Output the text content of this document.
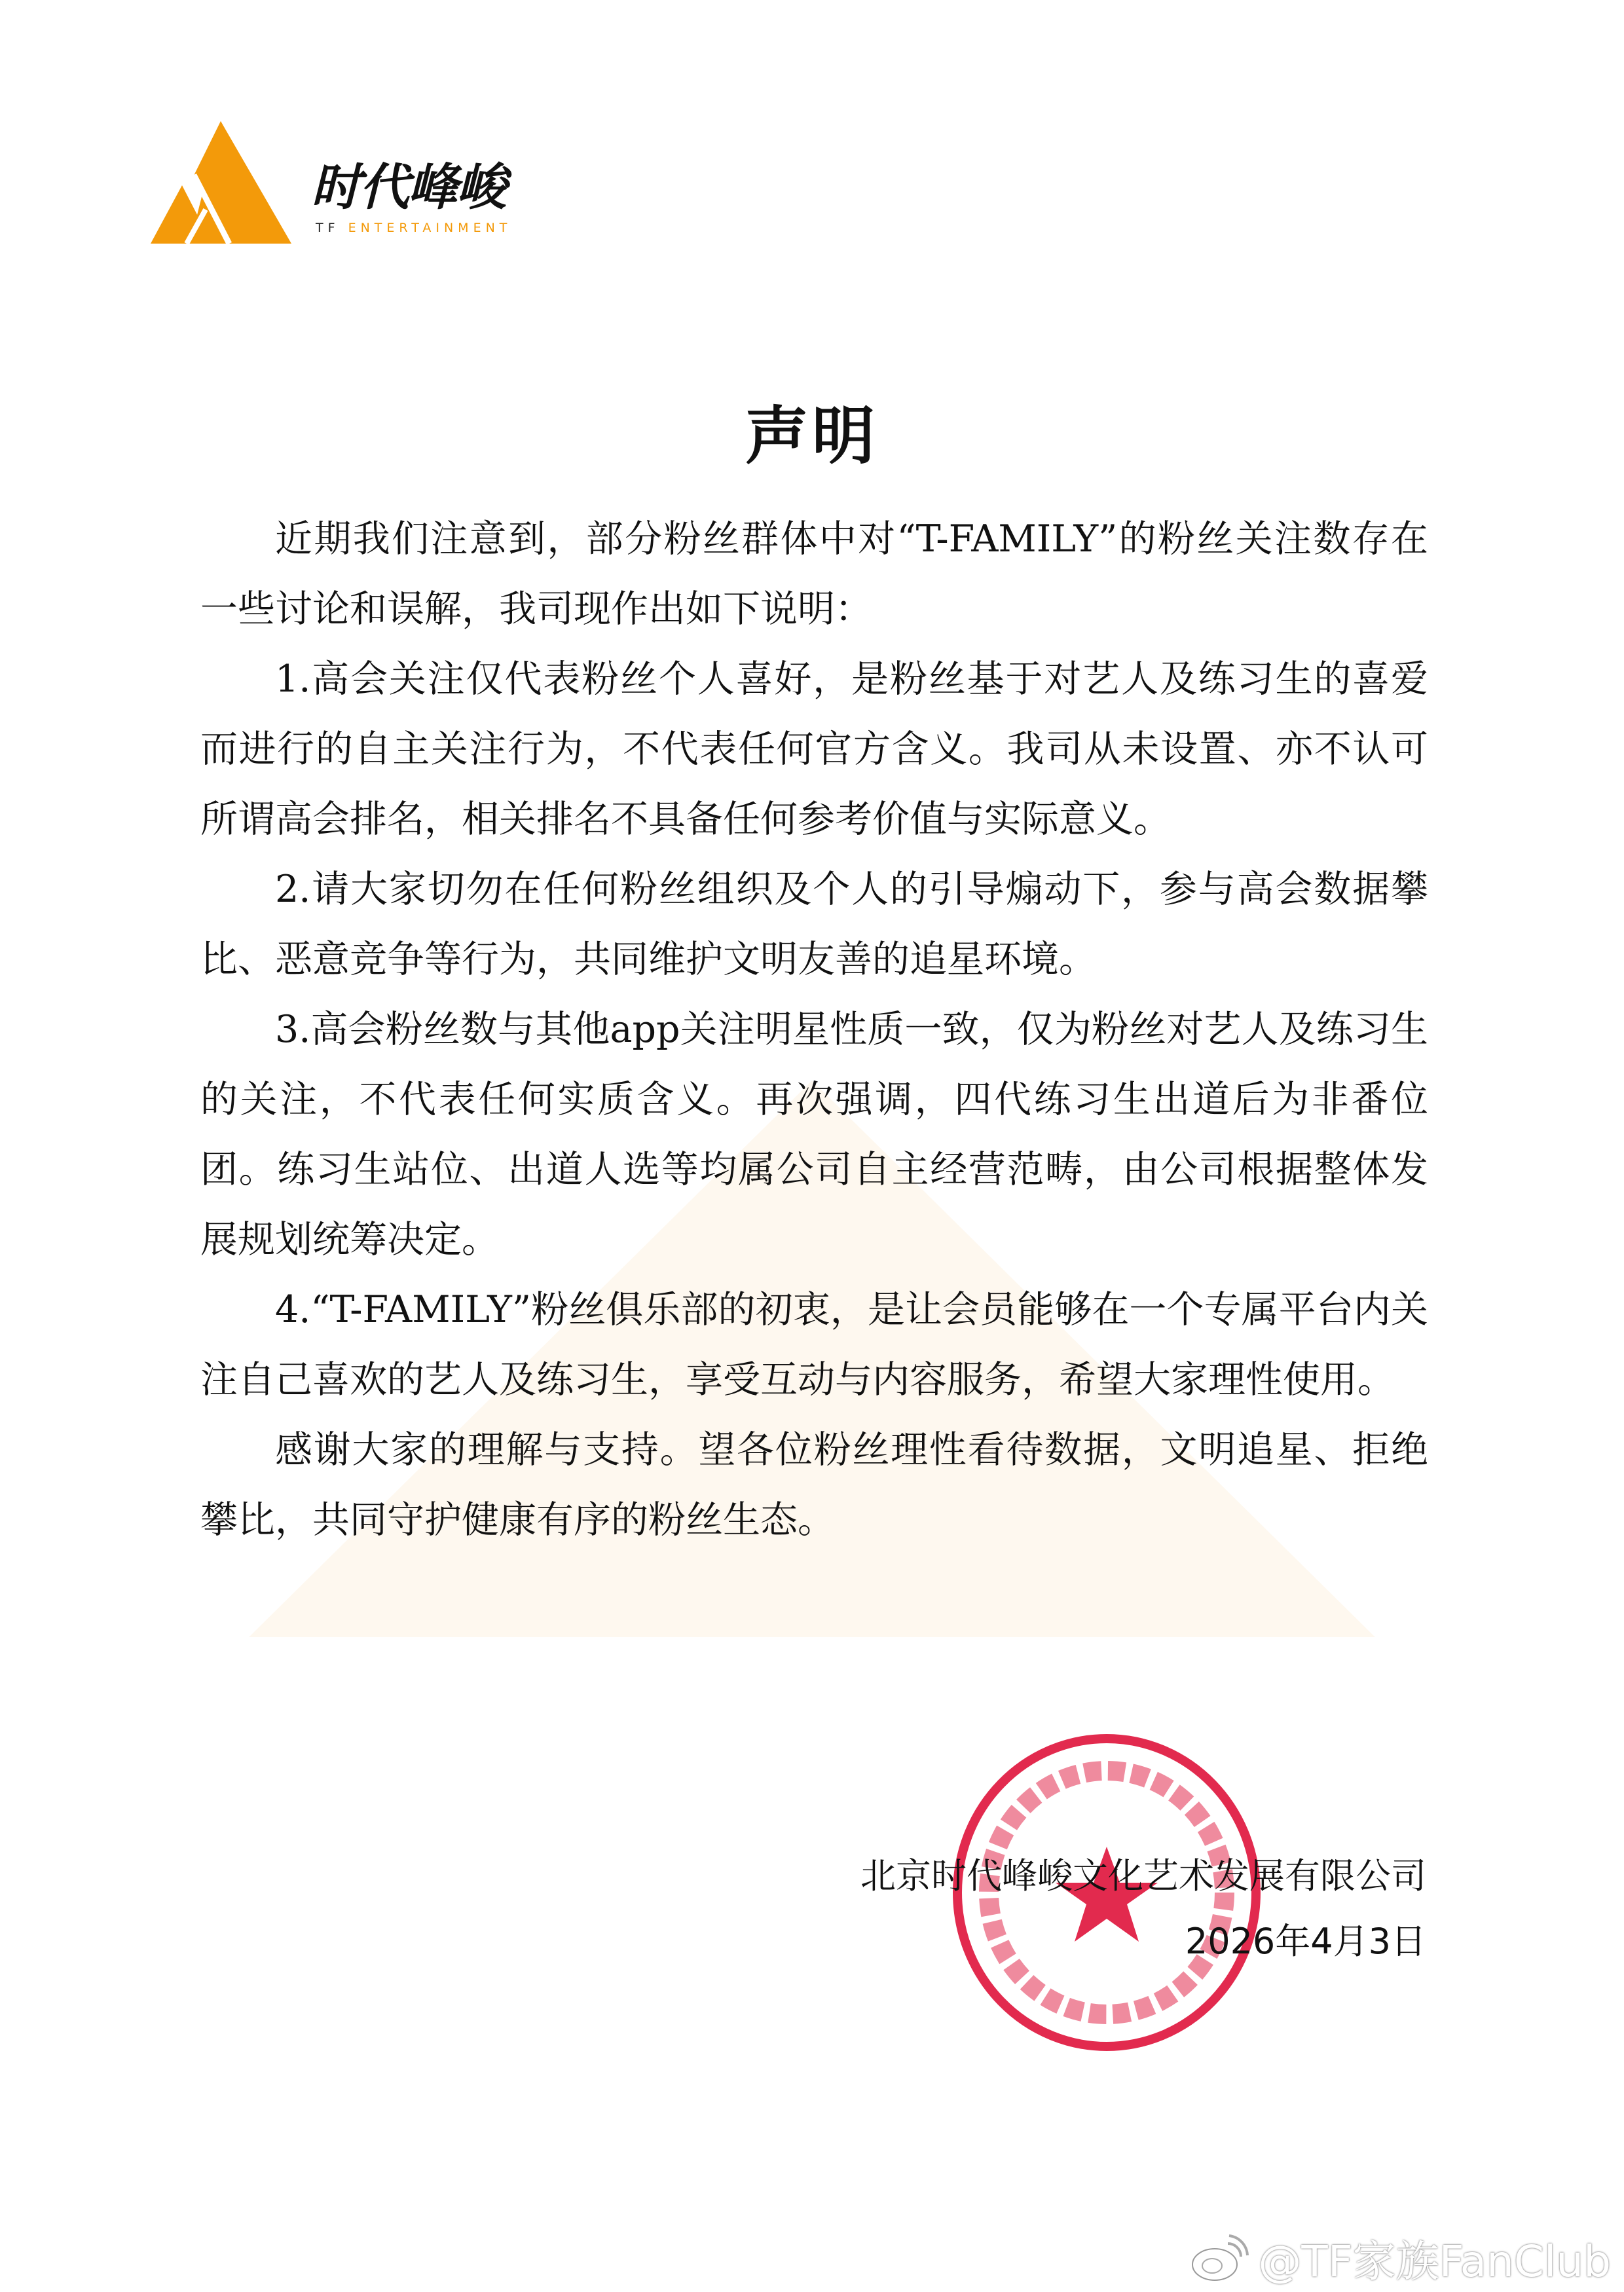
时代峰峻
TF ENTERTAINMENT
声明

近期我们注意到，部分粉丝群体中对“T-FAMILY”的粉丝关注数存在一些讨论和误解，我司现作出如下说明：

1.高会关注仅代表粉丝个人喜好，是粉丝基于对艺人及练习生的喜爱而进行的自主关注行为，不代表任何官方含义。我司从未设置、亦不认可所谓高会排名，相关排名不具备任何参考价值与实际意义。

2.请大家切勿在任何粉丝组织及个人的引导煽动下，参与高会数据攀比、恶意竞争等行为，共同维护文明友善的追星环境。

3.高会粉丝数与其他app关注明星性质一致，仅为粉丝对艺人及练习生的关注，不代表任何实质含义。再次强调，四代练习生出道后为非番位团。练习生站位、出道人选等均属公司自主经营范畴，由公司根据整体发展规划统筹决定。

4.“T-FAMILY”粉丝俱乐部的初衷，是让会员能够在一个专属平台内关注自己喜欢的艺人及练习生，享受互动与内容服务，希望大家理性使用。

感谢大家的理解与支持。望各位粉丝理性看待数据，文明追星、拒绝攀比，共同守护健康有序的粉丝生态。

北京时代峰峻文化艺术发展有限公司
2026年4月3日
@TF家族FanClub
